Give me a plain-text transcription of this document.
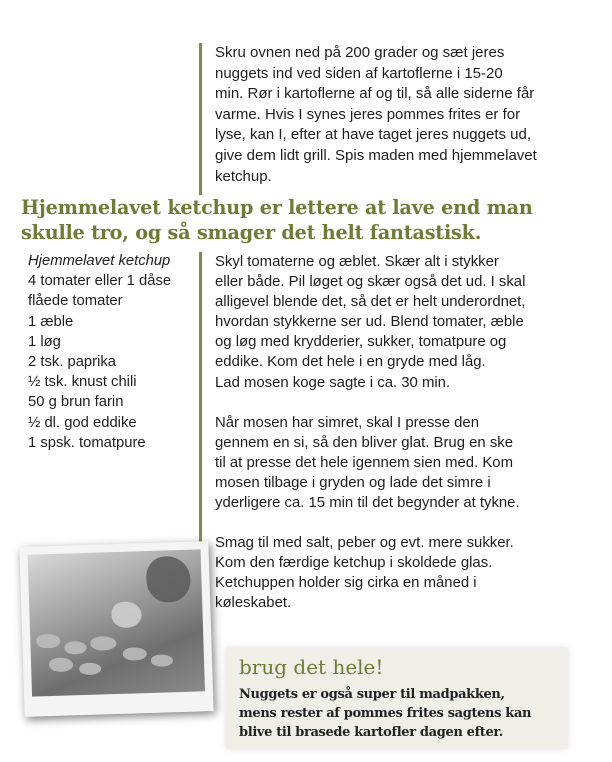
Skru ovnen ned på 200 grader og sæt jeres
nuggets ind ved siden af kartoflerne i 15-20
min. Rør i kartoflerne af og til, så alle siderne får
varme. Hvis I synes jeres pommes frites er for
lyse, kan I, efter at have taget jeres nuggets ud,
give dem lidt grill. Spis maden med hjemmelavet
ketchup.
Hjemmelavet ketchup er lettere at lave end man
skulle tro, og så smager det helt fantastisk.
Hjemmelavet ketchup
4 tomater eller 1 dåse
flåede tomater
1 æble
1 løg
2 tsk. paprika
½ tsk. knust chili
50 g brun farin
½ dl. god eddike
1 spsk. tomatpure

Skyl tomaterne og æblet. Skær alt i stykker
eller både. Pil løget og skær også det ud. I skal
alligevel blende det, så det er helt underordnet,
hvordan stykkerne ser ud. Blend tomater, æble
og løg med krydderier, sukker, tomatpure og
eddike. Kom det hele i en gryde med låg.
Lad mosen koge sagte i ca. 30 min.

Når mosen har simret, skal I presse den
gennem en si, så den bliver glat. Brug en ske
til at presse det hele igennem sien med. Kom
mosen tilbage i gryden og lade det simre i
yderligere ca. 15 min til det begynder at tykne.

Smag til med salt, peber og evt. mere sukker.
Kom den færdige ketchup i skoldede glas.
Ketchuppen holder sig cirka en måned i
køleskabet.

brug det hele!
Nuggets er også super til madpakken,
mens rester af pommes frites sagtens kan
blive til brasede kartofler dagen efter.
